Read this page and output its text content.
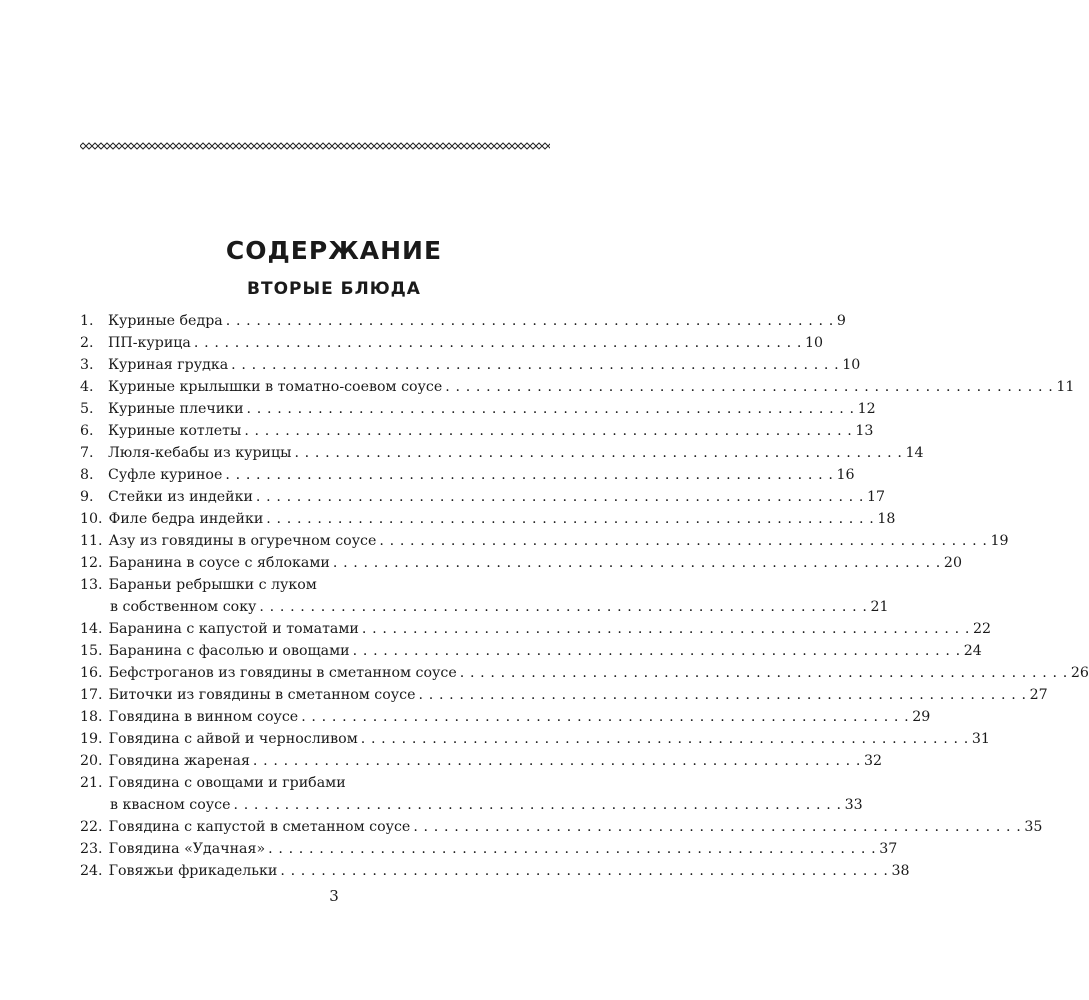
СОДЕРЖАНИЕ
ВТОРЫЕ БЛЮДА
1.	Куриные бедра . . . . . . . . . . . . . . . . . . . . . . . . . . . . . . . . . . . . . . . . . . . . . . . . . . . . . . . . . . . . 9
2.	ПП-курица . . . . . . . . . . . . . . . . . . . . . . . . . . . . . . . . . . . . . . . . . . . . . . . . . . . . . . . . . . . . 10
3.	Куриная грудка . . . . . . . . . . . . . . . . . . . . . . . . . . . . . . . . . . . . . . . . . . . . . . . . . . . . . . . . . . . . 10
4.	Куриные крылышки в томатно-соевом соусе . . . . . . . . . . . . . . . . . . . . . . . . . . . . . . . . . . . . . . . . . . . . . . . . . . . . . . . . . . . . 11
5.	Куриные плечики . . . . . . . . . . . . . . . . . . . . . . . . . . . . . . . . . . . . . . . . . . . . . . . . . . . . . . . . . . . . 12
6.	Куриные котлеты . . . . . . . . . . . . . . . . . . . . . . . . . . . . . . . . . . . . . . . . . . . . . . . . . . . . . . . . . . . . 13
7.	Люля-кебабы из курицы . . . . . . . . . . . . . . . . . . . . . . . . . . . . . . . . . . . . . . . . . . . . . . . . . . . . . . . . . . . . 14
8.	Суфле куриное . . . . . . . . . . . . . . . . . . . . . . . . . . . . . . . . . . . . . . . . . . . . . . . . . . . . . . . . . . . . 16
9.	Стейки из индейки . . . . . . . . . . . . . . . . . . . . . . . . . . . . . . . . . . . . . . . . . . . . . . . . . . . . . . . . . . . . 17
10. Филе бедра индейки . . . . . . . . . . . . . . . . . . . . . . . . . . . . . . . . . . . . . . . . . . . . . . . . . . . . . . . . . . . . 18
11. Азу из говядины в огуречном соусе . . . . . . . . . . . . . . . . . . . . . . . . . . . . . . . . . . . . . . . . . . . . . . . . . . . . . . . . . . . . 19
12. Баранина в соусе с яблоками . . . . . . . . . . . . . . . . . . . . . . . . . . . . . . . . . . . . . . . . . . . . . . . . . . . . . . . . . . . . 20
13. Бараньи ребрышки с луком
в собственном соку . . . . . . . . . . . . . . . . . . . . . . . . . . . . . . . . . . . . . . . . . . . . . . . . . . . . . . . . . . . . 21
14. Баранина с капустой и томатами . . . . . . . . . . . . . . . . . . . . . . . . . . . . . . . . . . . . . . . . . . . . . . . . . . . . . . . . . . . . 22
15. Баранина с фасолью и овощами . . . . . . . . . . . . . . . . . . . . . . . . . . . . . . . . . . . . . . . . . . . . . . . . . . . . . . . . . . . . 24
16. Бефстроганов из говядины в сметанном соусе . . . . . . . . . . . . . . . . . . . . . . . . . . . . . . . . . . . . . . . . . . . . . . . . . . . . . . . . . . . . 26
17. Биточки из говядины в сметанном соусе . . . . . . . . . . . . . . . . . . . . . . . . . . . . . . . . . . . . . . . . . . . . . . . . . . . . . . . . . . . . 27
18. Говядина в винном соусе . . . . . . . . . . . . . . . . . . . . . . . . . . . . . . . . . . . . . . . . . . . . . . . . . . . . . . . . . . . . 29
19. Говядина с айвой и черносливом . . . . . . . . . . . . . . . . . . . . . . . . . . . . . . . . . . . . . . . . . . . . . . . . . . . . . . . . . . . . 31
20. Говядина жареная . . . . . . . . . . . . . . . . . . . . . . . . . . . . . . . . . . . . . . . . . . . . . . . . . . . . . . . . . . . . 32
21. Говядина с овощами и грибами
в квасном соусе . . . . . . . . . . . . . . . . . . . . . . . . . . . . . . . . . . . . . . . . . . . . . . . . . . . . . . . . . . . . 33
22. Говядина с капустой в сметанном соусе . . . . . . . . . . . . . . . . . . . . . . . . . . . . . . . . . . . . . . . . . . . . . . . . . . . . . . . . . . . . 35
23. Говядина «Удачная» . . . . . . . . . . . . . . . . . . . . . . . . . . . . . . . . . . . . . . . . . . . . . . . . . . . . . . . . . . . . 37
24. Говяжьи фрикадельки . . . . . . . . . . . . . . . . . . . . . . . . . . . . . . . . . . . . . . . . . . . . . . . . . . . . . . . . . . . . 38
3
